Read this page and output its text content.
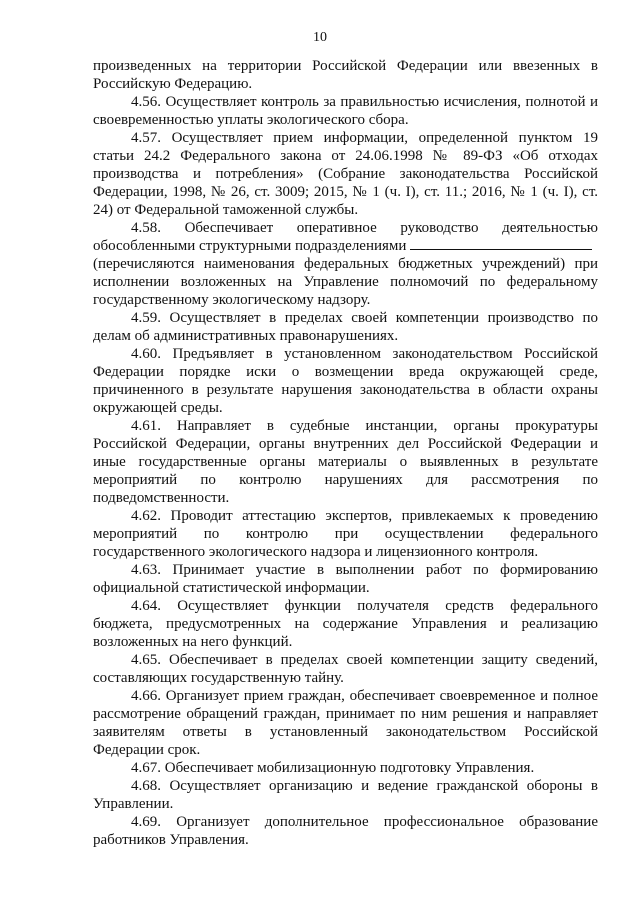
10

произведенных на территории Российской Федерации или ввезенных в Российскую Федерацию.

4.56. Осуществляет контроль за правильностью исчисления, полнотой и своевременностью уплаты экологического сбора.

4.57. Осуществляет прием информации, определенной пунктом 19 статьи 24.2 Федерального закона от 24.06.1998 № 89-ФЗ «Об отходах производства и потребления» (Собрание законодательства Российской Федерации, 1998, № 26, ст. 3009; 2015, № 1 (ч. I), ст. 11.; 2016, № 1 (ч. I), ст. 24) от Федеральной таможенной службы.

4.58. Обеспечивает оперативное руководство деятельностью обособленными структурными подразделениями

(перечисляются наименования федеральных бюджетных учреждений) при исполнении возложенных на Управление полномочий по федеральному государственному экологическому надзору.

4.59. Осуществляет в пределах своей компетенции производство по делам об административных правонарушениях.

4.60. Предъявляет в установленном законодательством Российской Федерации порядке иски о возмещении вреда окружающей среде, причиненного в результате нарушения законодательства в области охраны окружающей среды.

4.61. Направляет в судебные инстанции, органы прокуратуры Российской Федерации, органы внутренних дел Российской Федерации и иные государственные органы материалы о выявленных в результате мероприятий по контролю нарушениях для рассмотрения по подведомственности.

4.62. Проводит аттестацию экспертов, привлекаемых к проведению мероприятий по контролю при осуществлении федерального государственного экологического надзора и лицензионного контроля.

4.63. Принимает участие в выполнении работ по формированию официальной статистической информации.

4.64. Осуществляет функции получателя средств федерального бюджета, предусмотренных на содержание Управления и реализацию возложенных на него функций.

4.65. Обеспечивает в пределах своей компетенции защиту сведений, составляющих государственную тайну.

4.66. Организует прием граждан, обеспечивает своевременное и полное рассмотрение обращений граждан, принимает по ним решения и направляет заявителям ответы в установленный законодательством Российской Федерации срок.

4.67. Обеспечивает мобилизационную подготовку Управления.

4.68. Осуществляет организацию и ведение гражданской обороны в Управлении.

4.69. Организует дополнительное профессиональное образование работников Управления.
